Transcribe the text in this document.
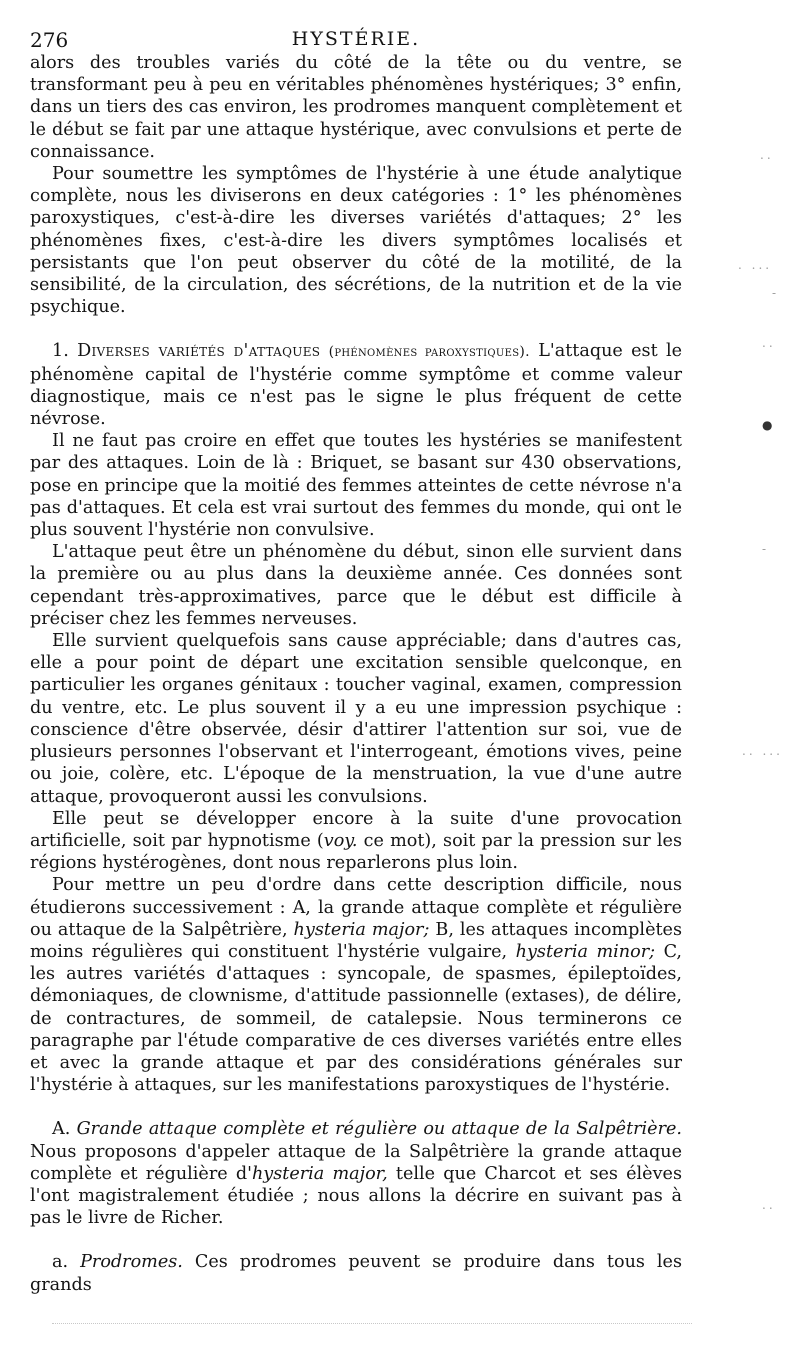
276	HYSTÉRIE.

alors des troubles variés du côté de la tête ou du ventre, se transformant peu à peu en véritables phénomènes hystériques; 3° enfin, dans un tiers des cas environ, les prodromes manquent complètement et le début se fait par une attaque hystérique, avec convulsions et perte de connaissance.

Pour soumettre les symptômes de l'hystérie à une étude analytique complète, nous les diviserons en deux catégories : 1° les phénomènes paroxystiques, c'est-à-dire les diverses variétés d'attaques; 2° les phénomènes fixes, c'est-à-dire les divers symptômes localisés et persistants que l'on peut observer du côté de la motilité, de la sensibilité, de la circulation, des sécrétions, de la nutrition et de la vie psychique.

1. Diverses variétés d'attaques (phénomènes paroxystiques). L'attaque est le phénomène capital de l'hystérie comme symptôme et comme valeur diagnostique, mais ce n'est pas le signe le plus fréquent de cette névrose.

Il ne faut pas croire en effet que toutes les hystéries se manifestent par des attaques. Loin de là : Briquet, se basant sur 430 observations, pose en principe que la moitié des femmes atteintes de cette névrose n'a pas d'attaques. Et cela est vrai surtout des femmes du monde, qui ont le plus souvent l'hystérie non convulsive.

L'attaque peut être un phénomène du début, sinon elle survient dans la première ou au plus dans la deuxième année. Ces données sont cependant très-approximatives, parce que le début est difficile à préciser chez les femmes nerveuses.

Elle survient quelquefois sans cause appréciable; dans d'autres cas, elle a pour point de départ une excitation sensible quelconque, en particulier les organes génitaux : toucher vaginal, examen, compression du ventre, etc. Le plus souvent il y a eu une impression psychique : conscience d'être observée, désir d'attirer l'attention sur soi, vue de plusieurs personnes l'observant et l'interrogeant, émotions vives, peine ou joie, colère, etc. L'époque de la menstruation, la vue d'une autre attaque, provoqueront aussi les convulsions.

Elle peut se développer encore à la suite d'une provocation artificielle, soit par hypnotisme (voy. ce mot), soit par la pression sur les régions hystérogènes, dont nous reparlerons plus loin.

Pour mettre un peu d'ordre dans cette description difficile, nous étudierons successivement : A, la grande attaque complète et régulière ou attaque de la Salpêtrière, hysteria major; B, les attaques incomplètes moins régulières qui constituent l'hystérie vulgaire, hysteria minor; C, les autres variétés d'attaques : syncopale, de spasmes, épileptoïdes, démoniaques, de clownisme, d'attitude passionnelle (extases), de délire, de contractures, de sommeil, de catalepsie. Nous terminerons ce paragraphe par l'étude comparative de ces diverses variétés entre elles et avec la grande attaque et par des considérations générales sur l'hystérie à attaques, sur les manifestations paroxystiques de l'hystérie.

A. Grande attaque complète et régulière ou attaque de la Salpêtrière. Nous proposons d'appeler attaque de la Salpêtrière la grande attaque complète et régulière d'hysteria major, telle que Charcot et ses élèves l'ont magistralement étudiée ; nous allons la décrire en suivant pas à pas le livre de Richer.

a. Prodromes. Ces prodromes peuvent se produire dans tous les grands

..
. ...
-
..
●
-
.. ...
..
